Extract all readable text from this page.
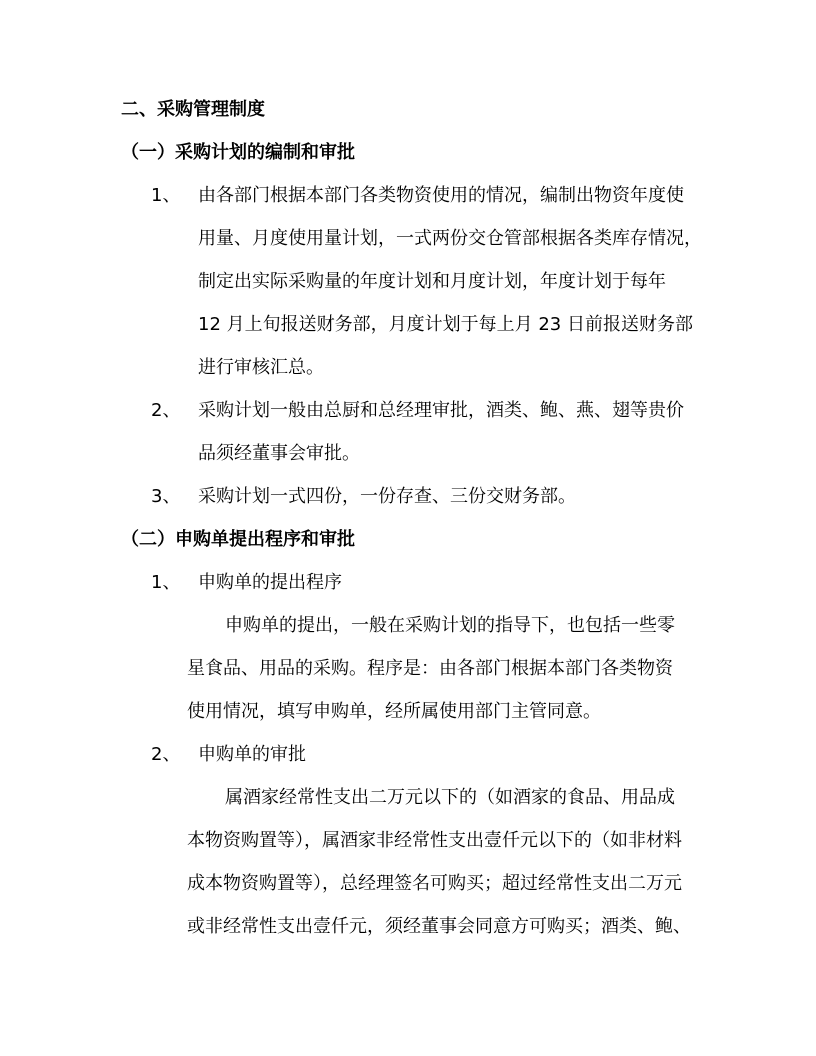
二、采购管理制度
（一）采购计划的编制和审批
1、 由各部门根据本部门各类物资使用的情况，编制出物资年度使
用量、月度使用量计划，一式两份交仓管部根据各类库存情况，
制定出实际采购量的年度计划和月度计划，年度计划于每年
12 月上旬报送财务部，月度计划于每上月 23 日前报送财务部
进行审核汇总。
2、 采购计划一般由总厨和总经理审批，酒类、鲍、燕、翅等贵价
品须经董事会审批。
3、 采购计划一式四份，一份存查、三份交财务部。
（二）申购单提出程序和审批
1、 申购单的提出程序
申购单的提出，一般在采购计划的指导下，也包括一些零
星食品、用品的采购。程序是：由各部门根据本部门各类物资
使用情况，填写申购单，经所属使用部门主管同意。
2、 申购单的审批
属酒家经常性支出二万元以下的（如酒家的食品、用品成
本物资购置等），属酒家非经常性支出壹仟元以下的（如非材料
成本物资购置等），总经理签名可购买；超过经常性支出二万元
或非经常性支出壹仟元，须经董事会同意方可购买；酒类、鲍、
